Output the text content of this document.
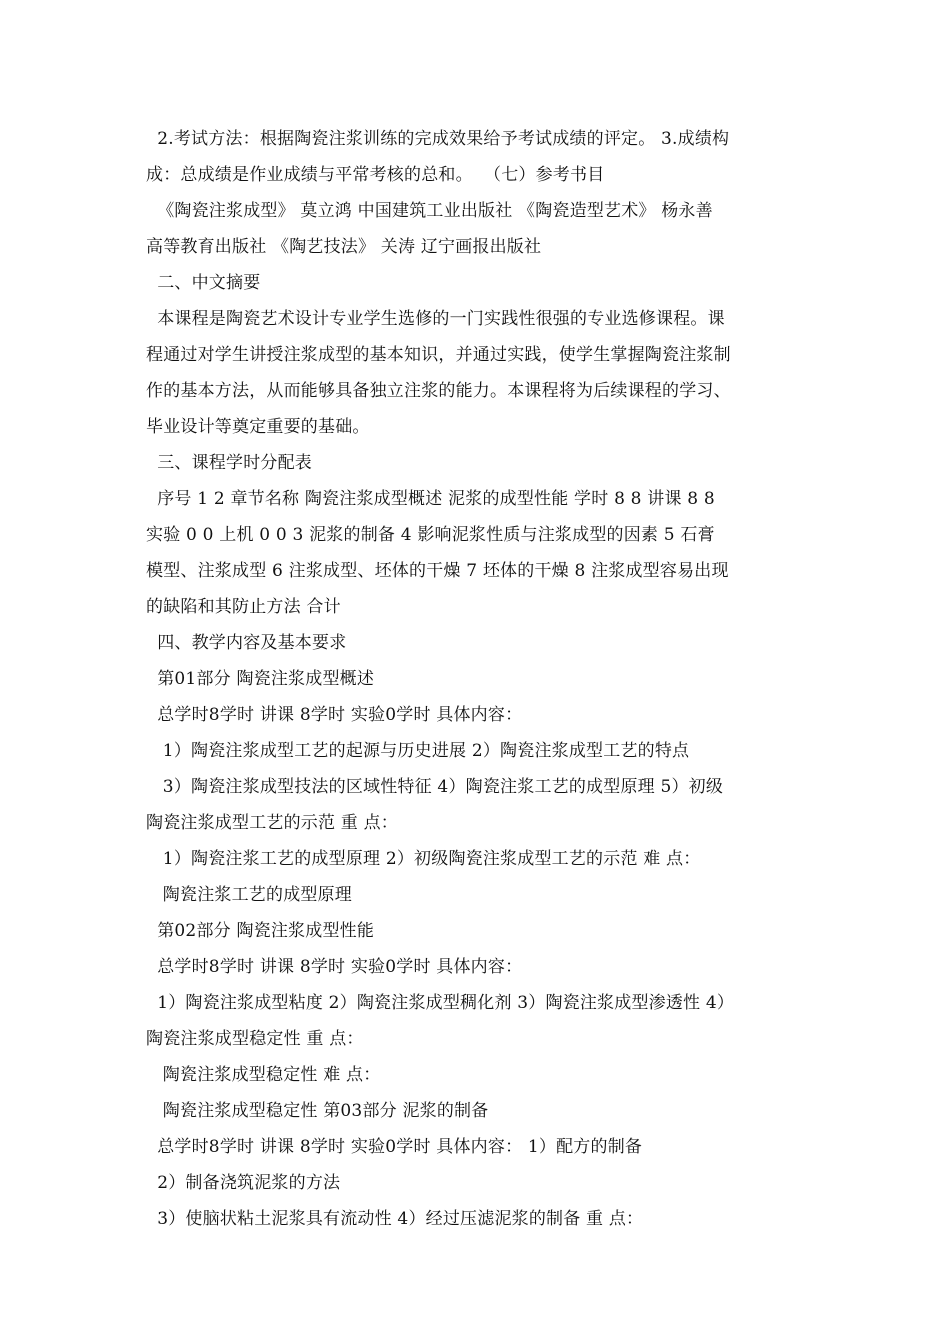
2.考试方法：根据陶瓷注浆训练的完成效果给予考试成绩的评定。 3.成绩构
成：总成绩是作业成绩与平常考核的总和。  （七）参考书目
《陶瓷注浆成型》 莫立鸿 中国建筑工业出版社 《陶瓷造型艺术》 杨永善
高等教育出版社 《陶艺技法》 关涛 辽宁画报出版社
二、中文摘要
本课程是陶瓷艺术设计专业学生选修的一门实践性很强的专业选修课程。课
程通过对学生讲授注浆成型的基本知识，并通过实践，使学生掌握陶瓷注浆制
作的基本方法，从而能够具备独立注浆的能力。本课程将为后续课程的学习、
毕业设计等奠定重要的基础。
三、课程学时分配表
序号 1 2 章节名称 陶瓷注浆成型概述 泥浆的成型性能 学时 8 8 讲课 8 8
实验 0 0 上机 0 0 3 泥浆的制备 4 影响泥浆性质与注浆成型的因素 5 石膏
模型、注浆成型 6 注浆成型、坯体的干燥 7 坯体的干燥 8 注浆成型容易出现
的缺陷和其防止方法 合计
四、教学内容及基本要求
第01部分 陶瓷注浆成型概述
总学时8学时 讲课 8学时 实验0学时 具体内容：
1）陶瓷注浆成型工艺的起源与历史进展 2）陶瓷注浆成型工艺的特点
3）陶瓷注浆成型技法的区域性特征 4）陶瓷注浆工艺的成型原理 5）初级
陶瓷注浆成型工艺的示范 重 点：
1）陶瓷注浆工艺的成型原理 2）初级陶瓷注浆成型工艺的示范 难 点：
陶瓷注浆工艺的成型原理
第02部分 陶瓷注浆成型性能
总学时8学时 讲课 8学时 实验0学时 具体内容：
1）陶瓷注浆成型粘度 2）陶瓷注浆成型稠化剂 3）陶瓷注浆成型渗透性 4）
陶瓷注浆成型稳定性 重 点：
陶瓷注浆成型稳定性 难 点：
陶瓷注浆成型稳定性 第03部分 泥浆的制备
总学时8学时 讲课 8学时 实验0学时 具体内容： 1）配方的制备
2）制备浇筑泥浆的方法
3）使脑状粘土泥浆具有流动性 4）经过压滤泥浆的制备 重 点：
